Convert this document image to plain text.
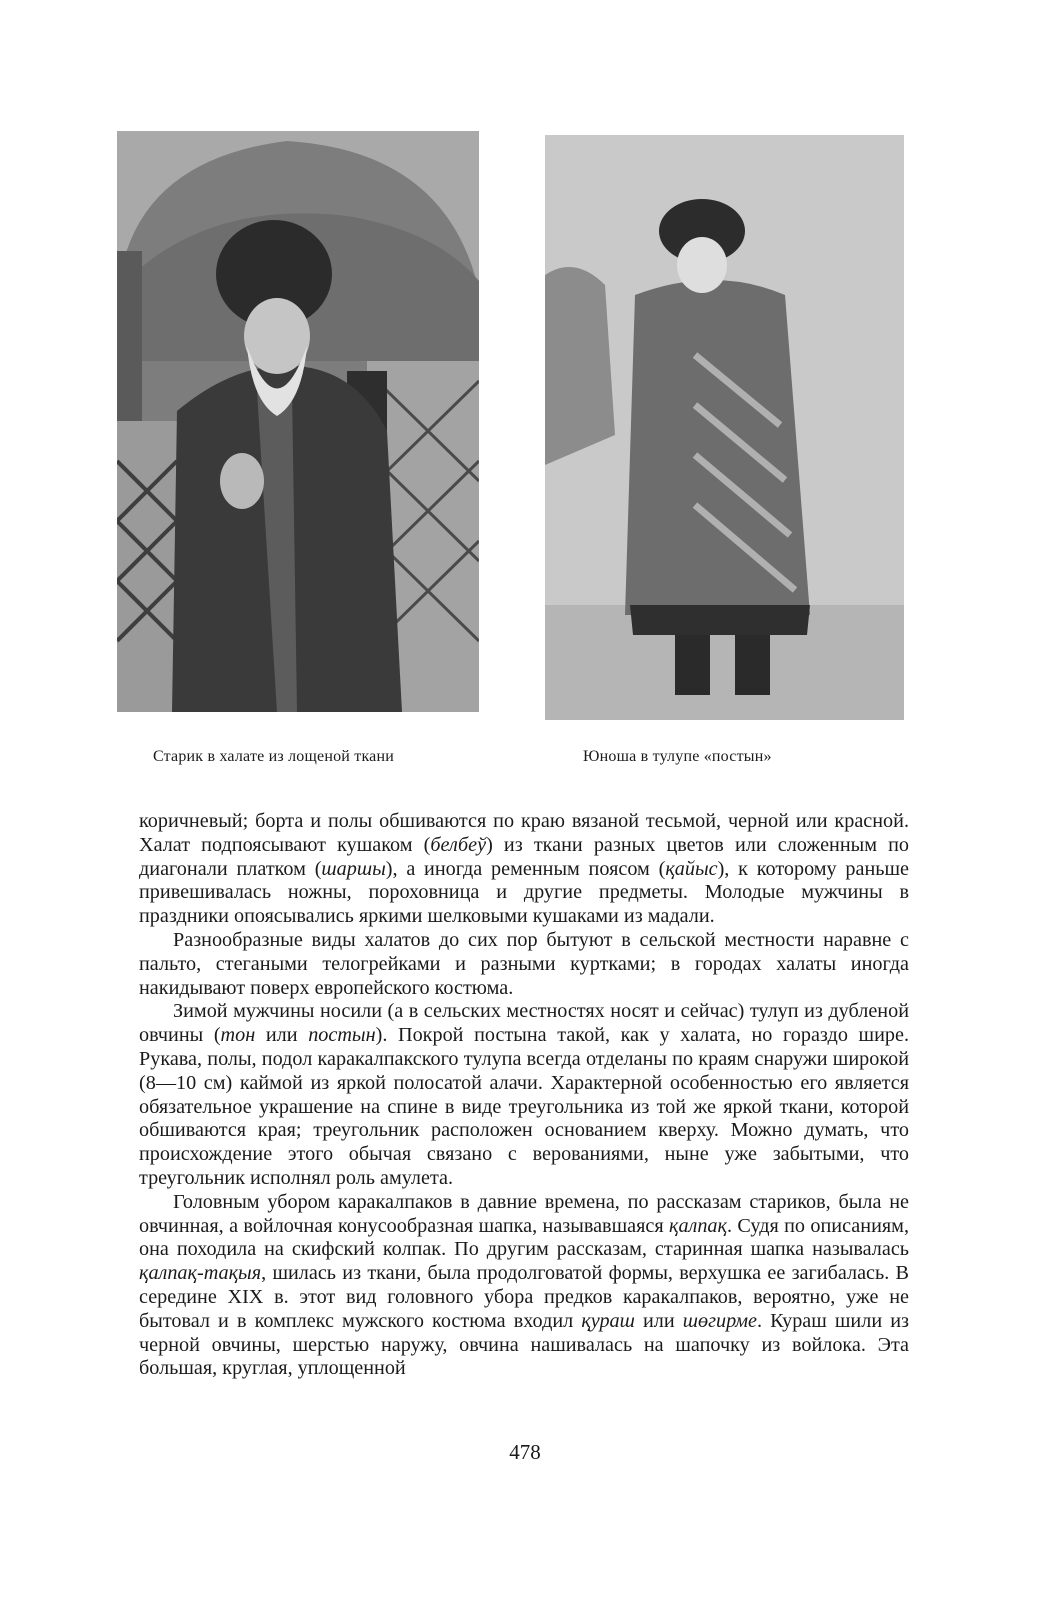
Старик в халате из лощеной ткани	Юноша в тулупе «постын»

коричневый; борта и полы обшиваются по краю вязаной тесьмой, черной или красной. Халат подпоясывают кушаком (белбеў) из ткани разных цветов или сложенным по диагонали платком (шаршы), а иногда ременным поясом (қайыс), к которому раньше привешивалась ножны, пороховница и другие предметы. Молодые мужчины в праздники опоясывались яркими шелковыми кушаками из мадали.

Разнообразные виды халатов до сих пор бытуют в сельской местности наравне с пальто, стегаными телогрейками и разными куртками; в городах халаты иногда накидывают поверх европейского костюма.

Зимой мужчины носили (а в сельских местностях носят и сейчас) тулуп из дубленой овчины (тон или постын). Покрой постына такой, как у халата, но гораздо шире. Рукава, полы, подол каракалпакского тулупа всегда отделаны по краям снаружи широкой (8—10 см) каймой из яркой полосатой алачи. Характерной особенностью его является обязательное украшение на спине в виде треугольника из той же яркой ткани, которой обшиваются края; треугольник расположен основанием кверху. Можно думать, что происхождение этого обычая связано с верованиями, ныне уже забытыми, что треугольник исполнял роль амулета.

Головным убором каракалпаков в давние времена, по рассказам стариков, была не овчинная, а войлочная конусообразная шапка, называвшаяся қалпақ. Судя по описаниям, она походила на скифский колпак. По другим рассказам, старинная шапка называлась қалпақ-тақыя, шилась из ткани, была продолговатой формы, верхушка ее загибалась. В середине XIX в. этот вид головного убора предков каракалпаков, вероятно, уже не бытовал и в комплекс мужского костюма входил қураш или шөгирме. Кураш шили из черной овчины, шерстью наружу, овчина нашивалась на шапочку из войлока. Эта большая, круглая, уплощенной

478
